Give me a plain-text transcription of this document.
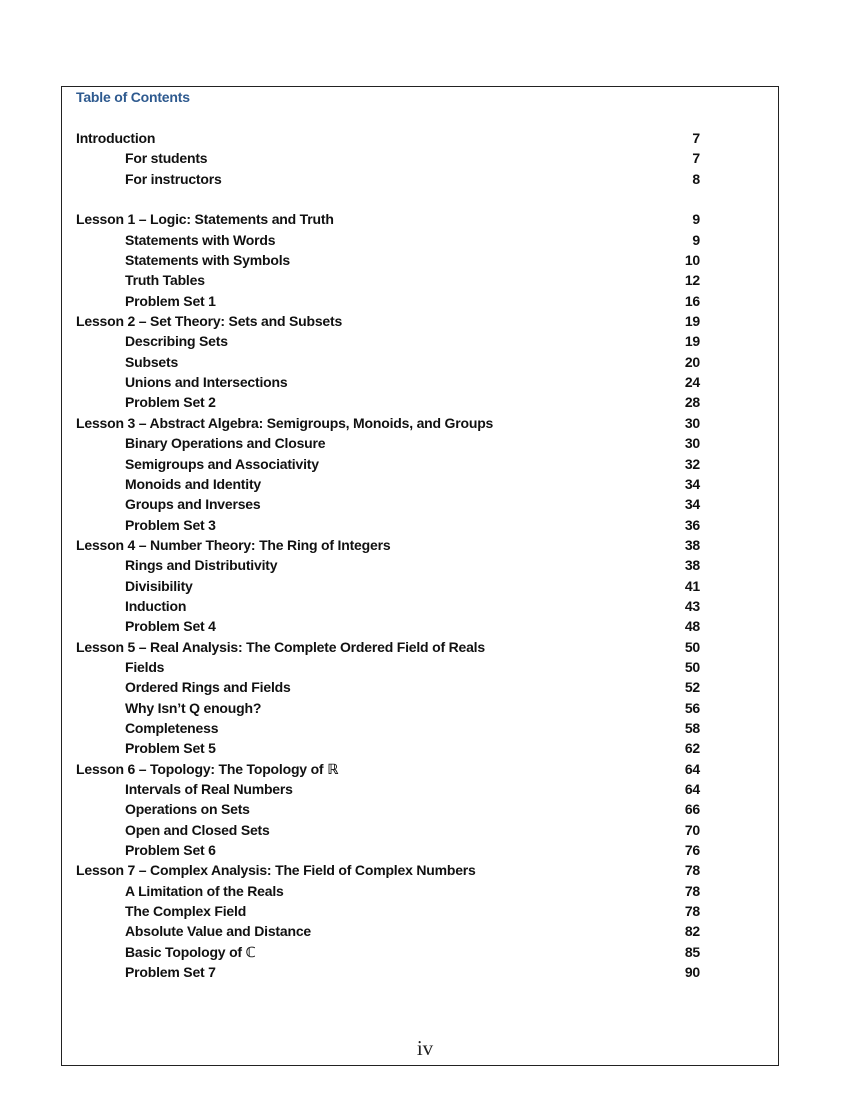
Table of Contents
Introduction	7
For students	7
For instructors	8
Lesson 1 – Logic: Statements and Truth	9
Statements with Words	9
Statements with Symbols	10
Truth Tables	12
Problem Set 1	16
Lesson 2 – Set Theory: Sets and Subsets	19
Describing Sets	19
Subsets	20
Unions and Intersections	24
Problem Set 2	28
Lesson 3 – Abstract Algebra: Semigroups, Monoids, and Groups	30
Binary Operations and Closure	30
Semigroups and Associativity	32
Monoids and Identity	34
Groups and Inverses	34
Problem Set 3	36
Lesson 4 – Number Theory: The Ring of Integers	38
Rings and Distributivity	38
Divisibility	41
Induction	43
Problem Set 4	48
Lesson 5 – Real Analysis: The Complete Ordered Field of Reals	50
Fields	50
Ordered Rings and Fields	52
Why Isn’t Q enough?	56
Completeness	58
Problem Set 5	62
Lesson 6 – Topology: The Topology of ℝ	64
Intervals of Real Numbers	64
Operations on Sets	66
Open and Closed Sets	70
Problem Set 6	76
Lesson 7 – Complex Analysis: The Field of Complex Numbers	78
A Limitation of the Reals	78
The Complex Field	78
Absolute Value and Distance	82
Basic Topology of ℂ	85
Problem Set 7	90
iv
